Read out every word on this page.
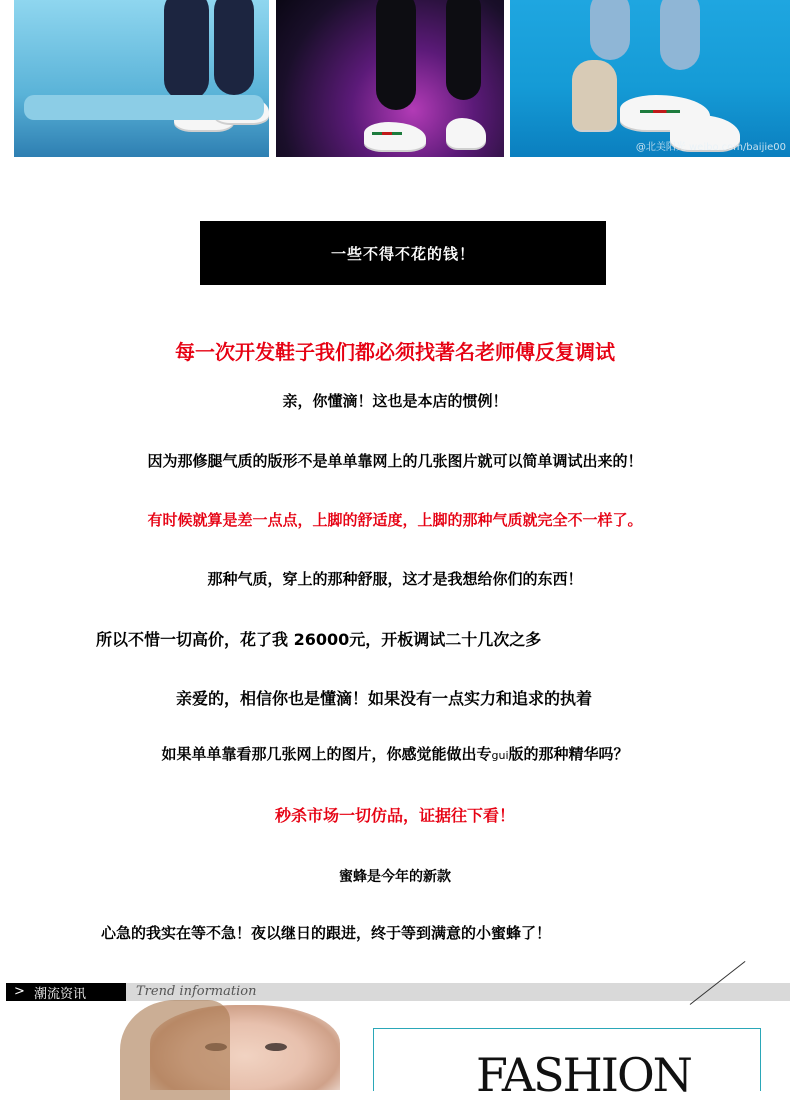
@北美阳光 weibo.com/baijie00
一些不得不花的钱！
每一次开发鞋子我们都必须找著名老师傅反复调试
亲，你懂滴！这也是本店的惯例！
因为那修腿气质的版形不是单单靠网上的几张图片就可以简单调试出来的！
有时候就算是差一点点，上脚的舒适度，上脚的那种气质就完全不一样了。
那种气质，穿上的那种舒服，这才是我想给你们的东西！
所以不惜一切高价，花了我 26000元，开板调试二十几次之多
亲爱的，相信你也是懂滴！如果没有一点实力和追求的执着
如果单单靠看那几张网上的图片，你感觉能做出专gui版的那种精华吗？
秒杀市场一切仿品，证据往下看！
蜜蜂是今年的新款
心急的我实在等不急！夜以继日的跟进，终于等到满意的小蜜蜂了！
> 潮流资讯	Trend information
FASHION
